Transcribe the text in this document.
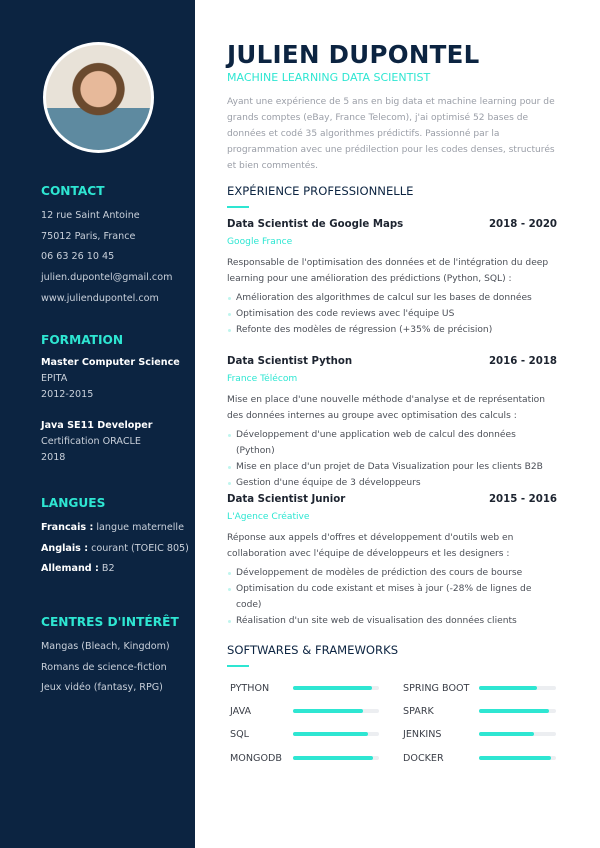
CONTACT
12 rue Saint Antoine
75012 Paris, France
06 63 26 10 45
julien.dupontel@gmail.com
www.juliendupontel.com
FORMATION
Master Computer Science
EPITA
2012-2015
Java SE11 Developer
Certification ORACLE
2018
LANGUES
Francais : langue maternelle
Anglais : courant (TOEIC 805)
Allemand : B2
CENTRES D'INTÉRÊT
Mangas (Bleach, Kingdom)
Romans de science-fiction
Jeux vidéo (fantasy, RPG)
JULIEN DUPONTEL
MACHINE LEARNING DATA SCIENTIST
Ayant une expérience de 5 ans en big data et machine learning pour de grands comptes (eBay, France Telecom), j'ai optimisé 52 bases de données et codé 35 algorithmes prédictifs. Passionné par la programmation avec une prédilection pour les codes denses, structurés et bien commentés.
EXPÉRIENCE PROFESSIONNELLE
Data Scientist de Google Maps	2018 - 2020
Google France
Responsable de l'optimisation des données et de l'intégration du deep learning pour une amélioration des prédictions (Python, SQL) :
Amélioration des algorithmes de calcul sur les bases de données
Optimisation des code reviews avec l'équipe US
Refonte des modèles de régression (+35% de précision)
Data Scientist Python	2016 - 2018
France Télécom
Mise en place d'une nouvelle méthode d'analyse et de représentation des données internes au groupe avec optimisation des calculs :
Développement d'une application web de calcul des données (Python)
Mise en place d'un projet de Data Visualization pour les clients B2B
Gestion d'une équipe de 3 développeurs
Data Scientist Junior	2015 - 2016
L'Agence Créative
Réponse aux appels d'offres et développement d'outils web en collaboration avec l'équipe de développeurs et les designers :
Développement de modèles de prédiction des cours de bourse
Optimisation du code existant et mises à jour (-28% de lignes de code)
Réalisation d'un site web de visualisation des données clients
SOFTWARES & FRAMEWORKS
PYTHON
JAVA
SQL
MONGODB
SPRING BOOT
SPARK
JENKINS
DOCKER
